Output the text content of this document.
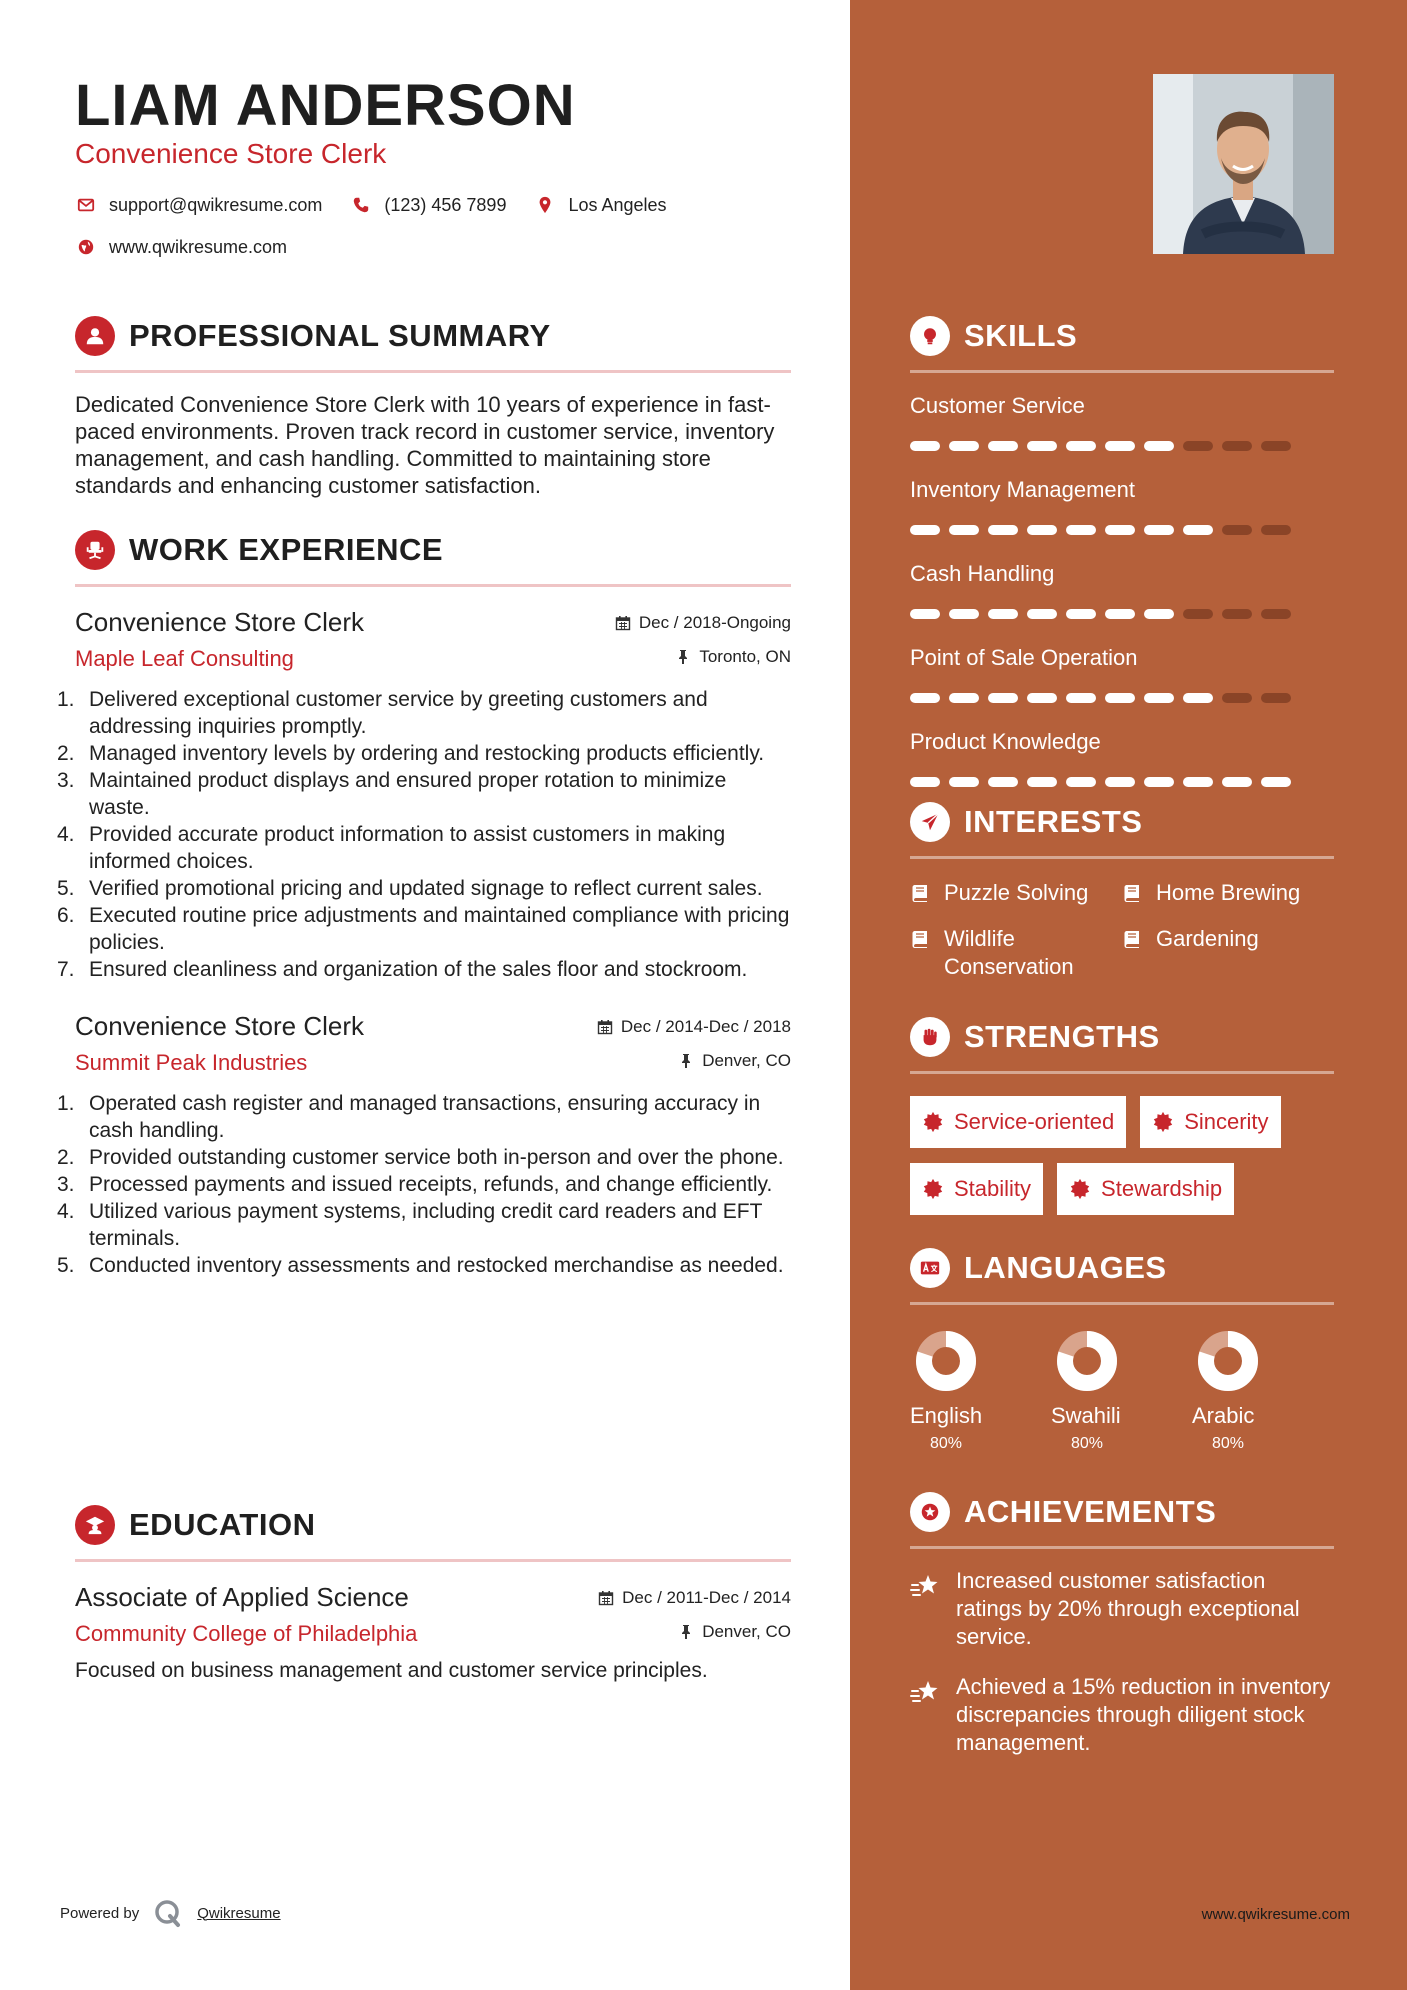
LIAM ANDERSON
Convenience Store Clerk
support@qwikresume.com	(123) 456 7899	Los Angeles
www.qwikresume.com
PROFESSIONAL SUMMARY
Dedicated Convenience Store Clerk with 10 years of experience in fast-paced environments. Proven track record in customer service, inventory management, and cash handling. Committed to maintaining store standards and enhancing customer satisfaction.
WORK EXPERIENCE
Convenience Store Clerk
Maple Leaf Consulting
Dec / 2018-Ongoing
Toronto, ON
1. Delivered exceptional customer service by greeting customers and addressing inquiries promptly.
2. Managed inventory levels by ordering and restocking products efficiently.
3. Maintained product displays and ensured proper rotation to minimize waste.
4. Provided accurate product information to assist customers in making informed choices.
5. Verified promotional pricing and updated signage to reflect current sales.
6. Executed routine price adjustments and maintained compliance with pricing policies.
7. Ensured cleanliness and organization of the sales floor and stockroom.
Convenience Store Clerk
Summit Peak Industries
Dec / 2014-Dec / 2018
Denver, CO
1. Operated cash register and managed transactions, ensuring accuracy in cash handling.
2. Provided outstanding customer service both in-person and over the phone.
3. Processed payments and issued receipts, refunds, and change efficiently.
4. Utilized various payment systems, including credit card readers and EFT terminals.
5. Conducted inventory assessments and restocked merchandise as needed.
EDUCATION
Associate of Applied Science
Community College of Philadelphia
Dec / 2011-Dec / 2014
Denver, CO
Focused on business management and customer service principles.
Powered by	Qwikresume
SKILLS
Customer Service
Inventory Management
Cash Handling
Point of Sale Operation
Product Knowledge
INTERESTS
Puzzle Solving	Home Brewing
Wildlife Conservation
Gardening
STRENGTHS
Service-oriented	Sincerity
Stability	Stewardship
LANGUAGES
English
80%
Swahili
80%
Arabic
80%
ACHIEVEMENTS
Increased customer satisfaction ratings by 20% through exceptional service.
Achieved a 15% reduction in inventory discrepancies through diligent stock management.
www.qwikresume.com
